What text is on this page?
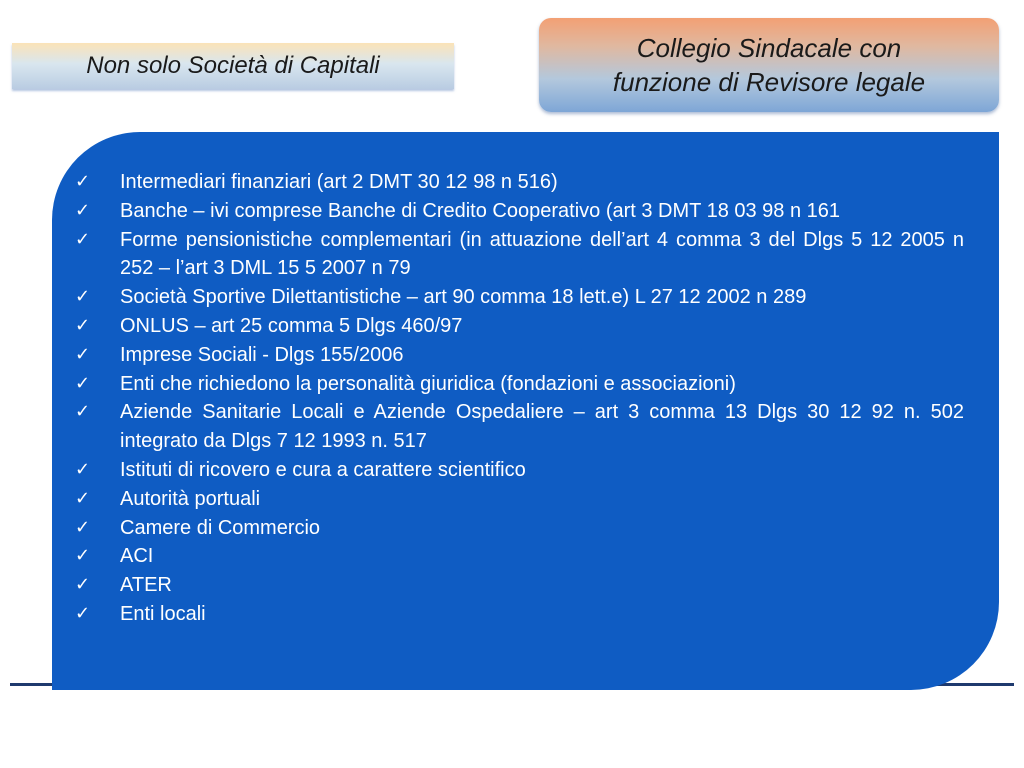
Non solo Società di Capitali
Collegio Sindacale con
funzione di Revisore legale
✓ Intermediari finanziari (art 2 DMT 30 12 98 n 516)
✓ Banche – ivi comprese Banche di Credito Cooperativo (art 3 DMT 18 03 98 n 161
✓ Forme pensionistiche complementari (in attuazione dell’art 4 comma 3 del Dlgs 5 12 2005 n 252 – l’art 3 DML 15 5 2007 n 79
✓ Società Sportive Dilettantistiche – art 90 comma 18 lett.e) L 27 12 2002 n 289
✓ ONLUS – art 25 comma 5 Dlgs 460/97
✓ Imprese Sociali - Dlgs 155/2006
✓ Enti che richiedono la personalità giuridica (fondazioni e associazioni)
✓ Aziende Sanitarie Locali e Aziende Ospedaliere – art 3 comma 13 Dlgs 30 12 92 n. 502 integrato da Dlgs 7 12 1993 n. 517
✓ Istituti di ricovero e cura a carattere scientifico
✓ Autorità portuali
✓ Camere di Commercio
✓ ACI
✓ ATER
✓ Enti locali
